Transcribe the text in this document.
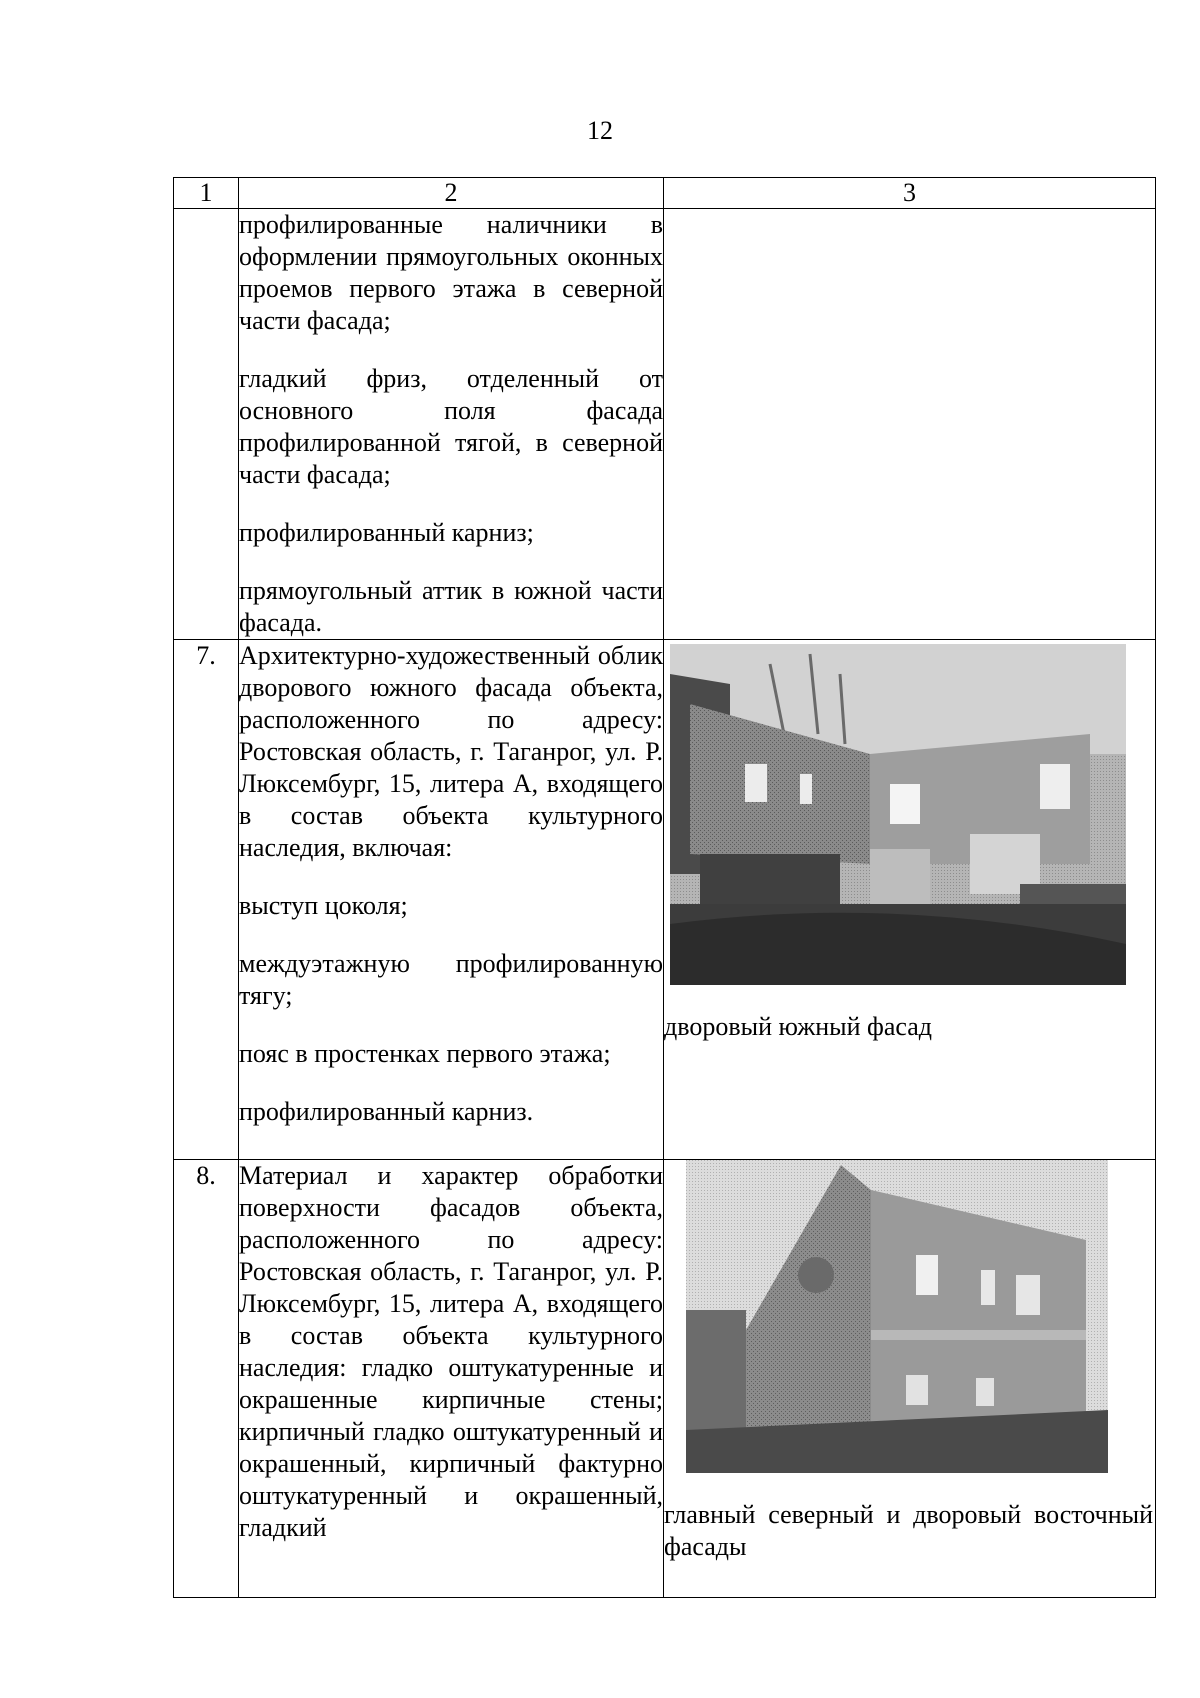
12
1	2	3

	профилированные наличники в оформлении прямоугольных оконных проемов первого этажа в северной части фасада;

гладкий фриз, отделенный от основного поля фасада профилированной тягой, в северной части фасада;

профилированный карниз;

прямоугольный аттик в южной части фасада.	

7.	Архитектурно-художественный облик дворового южного фасада объекта, расположенного по адресу: Ростовская область, г. Таганрог, ул. Р. Люксембург, 15, литера А, входящего в состав объекта культурного наследия, включая:

выступ цоколя;

междуэтажную профилированную тягу;

пояс в простенках первого этажа;

профилированный карниз.	дворовый южный фасад

8.	Материал и характер обработки поверхности фасадов объекта, расположенного по адресу: Ростовская область, г. Таганрог, ул. Р. Люксембург, 15, литера А, входящего в состав объекта культурного наследия: гладко оштукатуренные и окрашенные кирпичные стены; кирпичный гладко оштукатуренный и окрашенный, кирпичный фактурно оштукатуренный и окрашенный, гладкий	главный северный и дворовый восточный фасады
